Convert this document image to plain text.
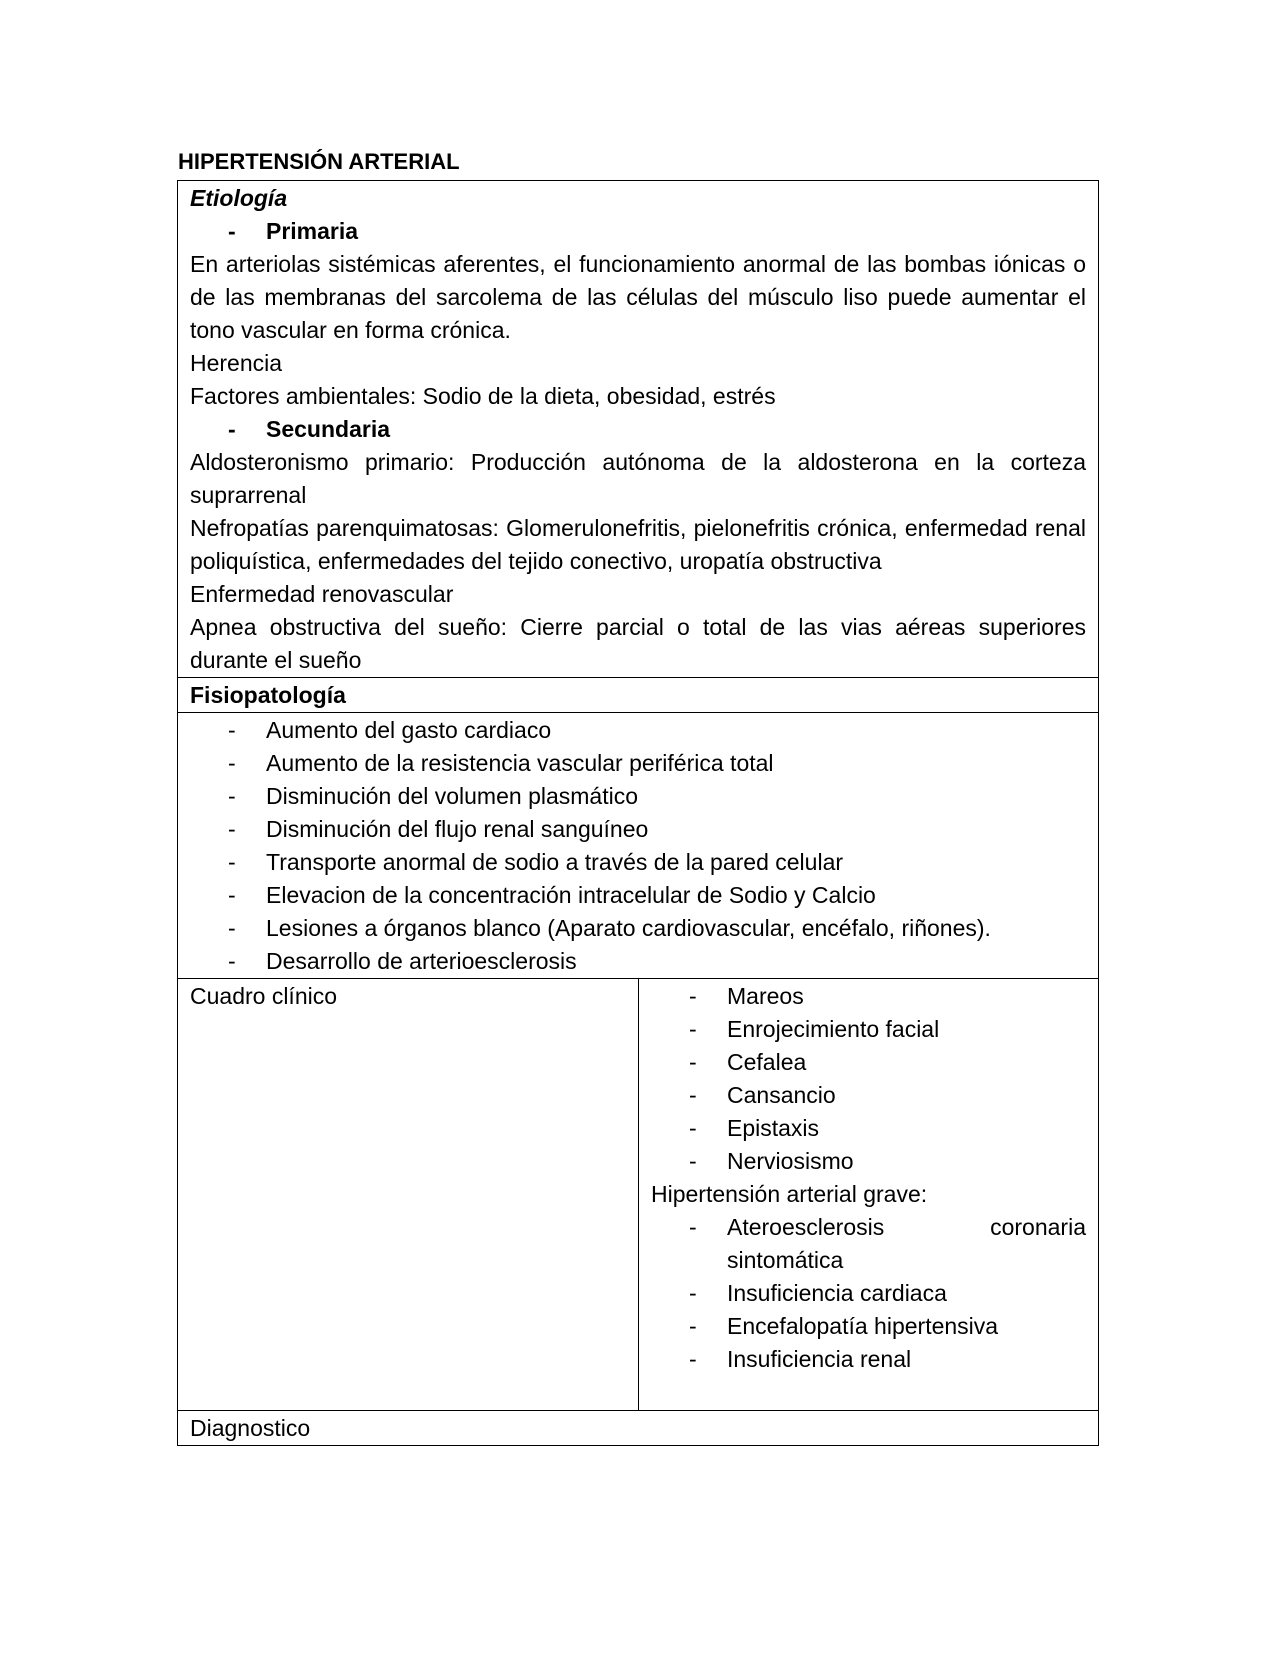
HIPERTENSIÓN ARTERIAL
Etiología
-	Primaria
En arteriolas sistémicas aferentes, el funcionamiento anormal de las bombas iónicas o de las membranas del sarcolema de las células del músculo liso puede aumentar el tono vascular en forma crónica.
Herencia
Factores ambientales: Sodio de la dieta, obesidad, estrés
-	Secundaria
Aldosteronismo primario: Producción autónoma de la aldosterona en la corteza suprarrenal
Nefropatías parenquimatosas: Glomerulonefritis, pielonefritis crónica, enfermedad renal poliquística, enfermedades del tejido conectivo, uropatía obstructiva
Enfermedad renovascular
Apnea obstructiva del sueño: Cierre parcial o total de las vias aéreas superiores durante el sueño

Fisiopatología

-	Aumento del gasto cardiaco
-	Aumento de la resistencia vascular periférica total
-	Disminución del volumen plasmático
-	Disminución del flujo renal sanguíneo
-	Transporte anormal de sodio a través de la pared celular
-	Elevacion de la concentración intracelular de Sodio y Calcio
-	Lesiones a órganos blanco (Aparato cardiovascular, encéfalo, riñones).
-	Desarrollo de arterioesclerosis

Cuadro clínico	-	Mareos
-	Enrojecimiento facial
-	Cefalea
-	Cansancio
-	Epistaxis
-	Nerviosismo
Hipertensión arterial grave:
-	Ateroesclerosis coronaria sintomática
-	Insuficiencia cardiaca
-	Encefalopatía hipertensiva
-	Insuficiencia renal

Diagnostico
